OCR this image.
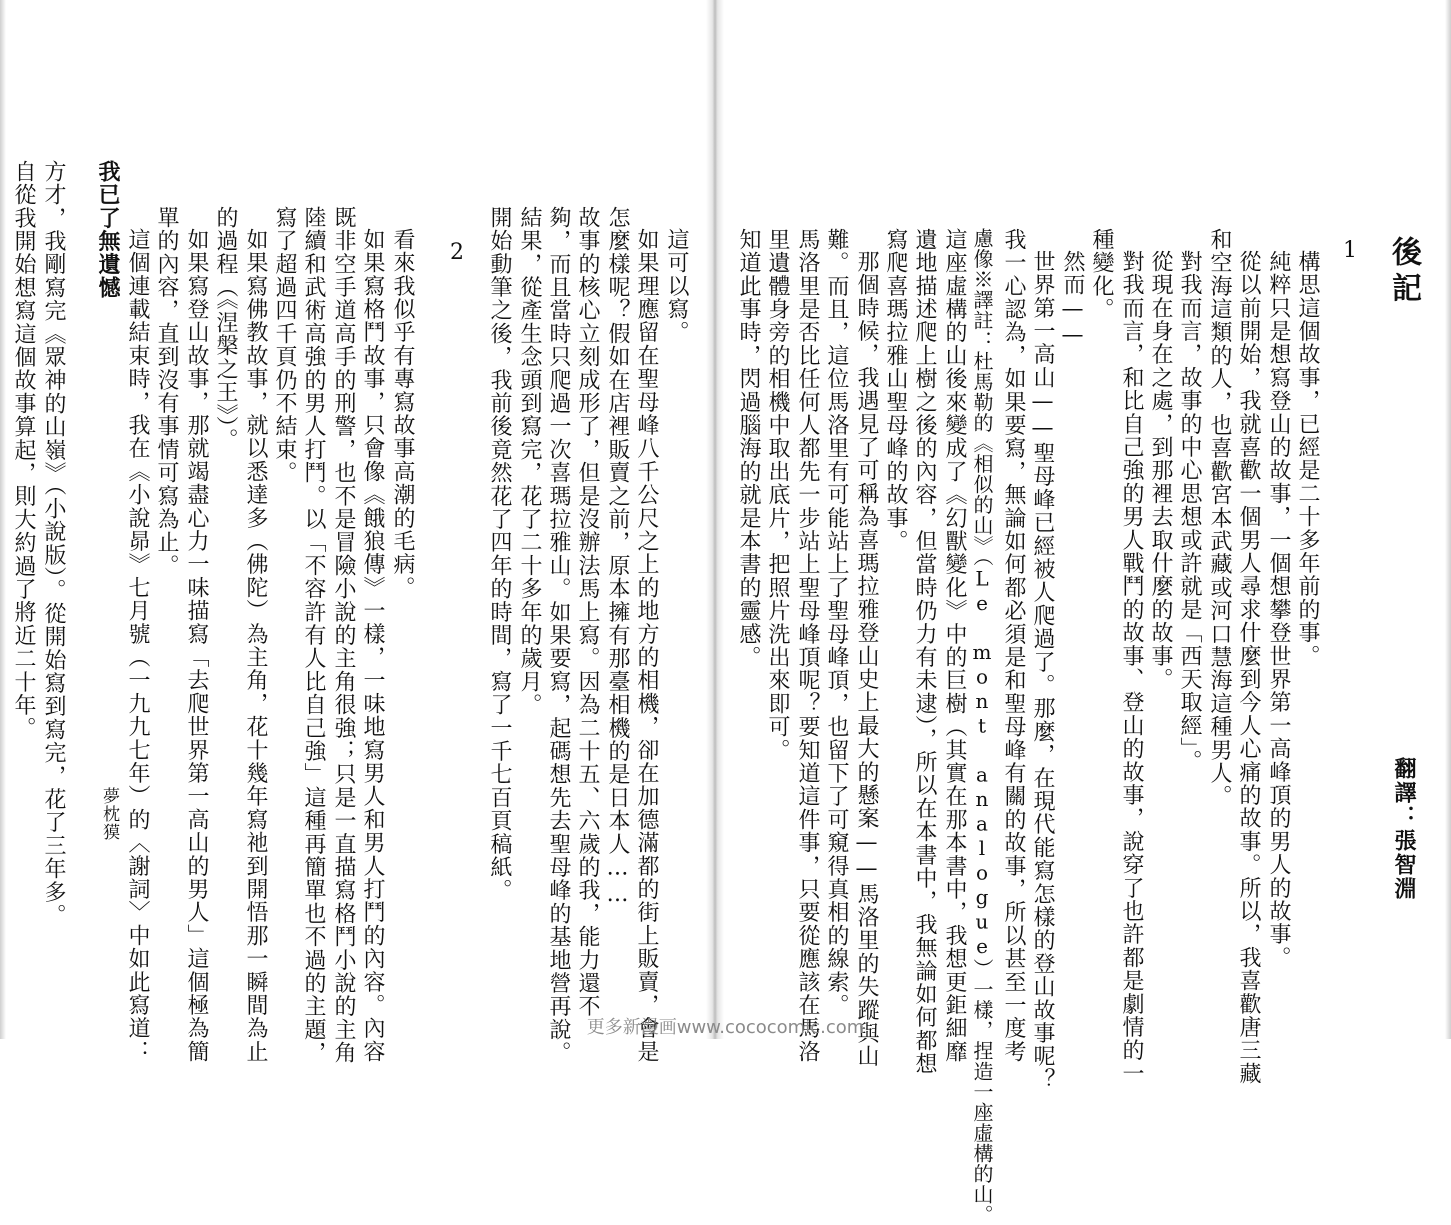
後記
翻譯：張智淵
1
構思這個故事，已經是二十多年前的事。
純粹只是想寫登山的故事，一個想攀登世界第一高峰頂的男人的故事。
從以前開始，我就喜歡一個男人尋求什麼到今人心痛的故事。所以，我喜歡唐三藏
和空海這類的人，也喜歡宮本武藏或河口慧海這種男人。
對我而言，故事的中心思想或許就是「西天取經」。
從現在身在之處，到那裡去取什麼的故事。
對我而言，和比自己強的男人戰鬥的故事、登山的故事，說穿了也許都是劇情的一
種變化。
然而——
世界第一高山——聖母峰已經被人爬過了。那麼，在現代能寫怎樣的登山故事呢？
我一心認為，如果要寫，無論如何都必須是和聖母峰有關的故事，所以甚至一度考
慮像※譯註：杜馬勒的《相似的山》（Le mont analogue）一樣，捏造一座虛構的山。
這座虛構的山後來變成了《幻獸變化》中的巨樹（其實在那本書中，我想更鉅細靡
遺地描述爬上樹之後的內容，但當時仍力有未逮），所以在本書中，我無論如何都想
寫爬喜瑪拉雅山聖母峰的故事。
那個時候，我遇見了可稱為喜瑪拉雅登山史上最大的懸案——馬洛里的失蹤與山
難。而且，這位馬洛里有可能站上了聖母峰頂，也留下了可窺得真相的線索。
馬洛里是否比任何人都先一步站上聖母峰頂呢？要知道這件事，只要從應該在馬洛
里遺體身旁的相機中取出底片，把照片洗出來即可。
知道此事時，閃過腦海的就是本書的靈感。
2	這可以寫。
如果理應留在聖母峰八千公尺之上的地方的相機，卻在加德滿都的街上販賣，會是
怎麼樣呢？假如在店裡販賣之前，原本擁有那臺相機的是日本人……
故事的核心立刻成形了，但是沒辦法馬上寫。因為二十五、六歲的我，能力還不
夠，而且當時只爬過一次喜瑪拉雅山。如果要寫，起碼想先去聖母峰的基地營再說。
結果，從產生念頭到寫完，花了二十多年的歲月。
開始動筆之後，我前後竟然花了四年的時間，寫了一千七百頁稿紙。
看來我似乎有專寫故事高潮的毛病。
如果寫格鬥故事，只會像《餓狼傳》一樣，一味地寫男人和男人打鬥的內容。內容
既非空手道高手的刑警，也不是冒險小說的主角很強；只是一直描寫格鬥小說的主角
陸續和武術高強的男人打鬥。以「不容許有人比自己強」這種再簡單也不過的主題，
寫了超過四千頁仍不結束。
如果寫佛教故事，就以悉達多（佛陀）為主角，花十幾年寫祂到開悟那一瞬間為止
的過程（《涅槃之王》）。
如果寫登山故事，那就竭盡心力一味描寫「去爬世界第一高山的男人」這個極為簡
單的內容，直到沒有事情可寫為止。
這個連載結束時，我在《小說昴》七月號（一九九七年）的〈謝詞〉中如此寫道：
我已了無遺憾
夢枕獏
方才，我剛寫完《眾神的山嶺》（小說版）。從開始寫到寫完，花了三年多。
自從我開始想寫這個故事算起，則大約過了將近二十年。
更多新漫画www.cococomic.com
